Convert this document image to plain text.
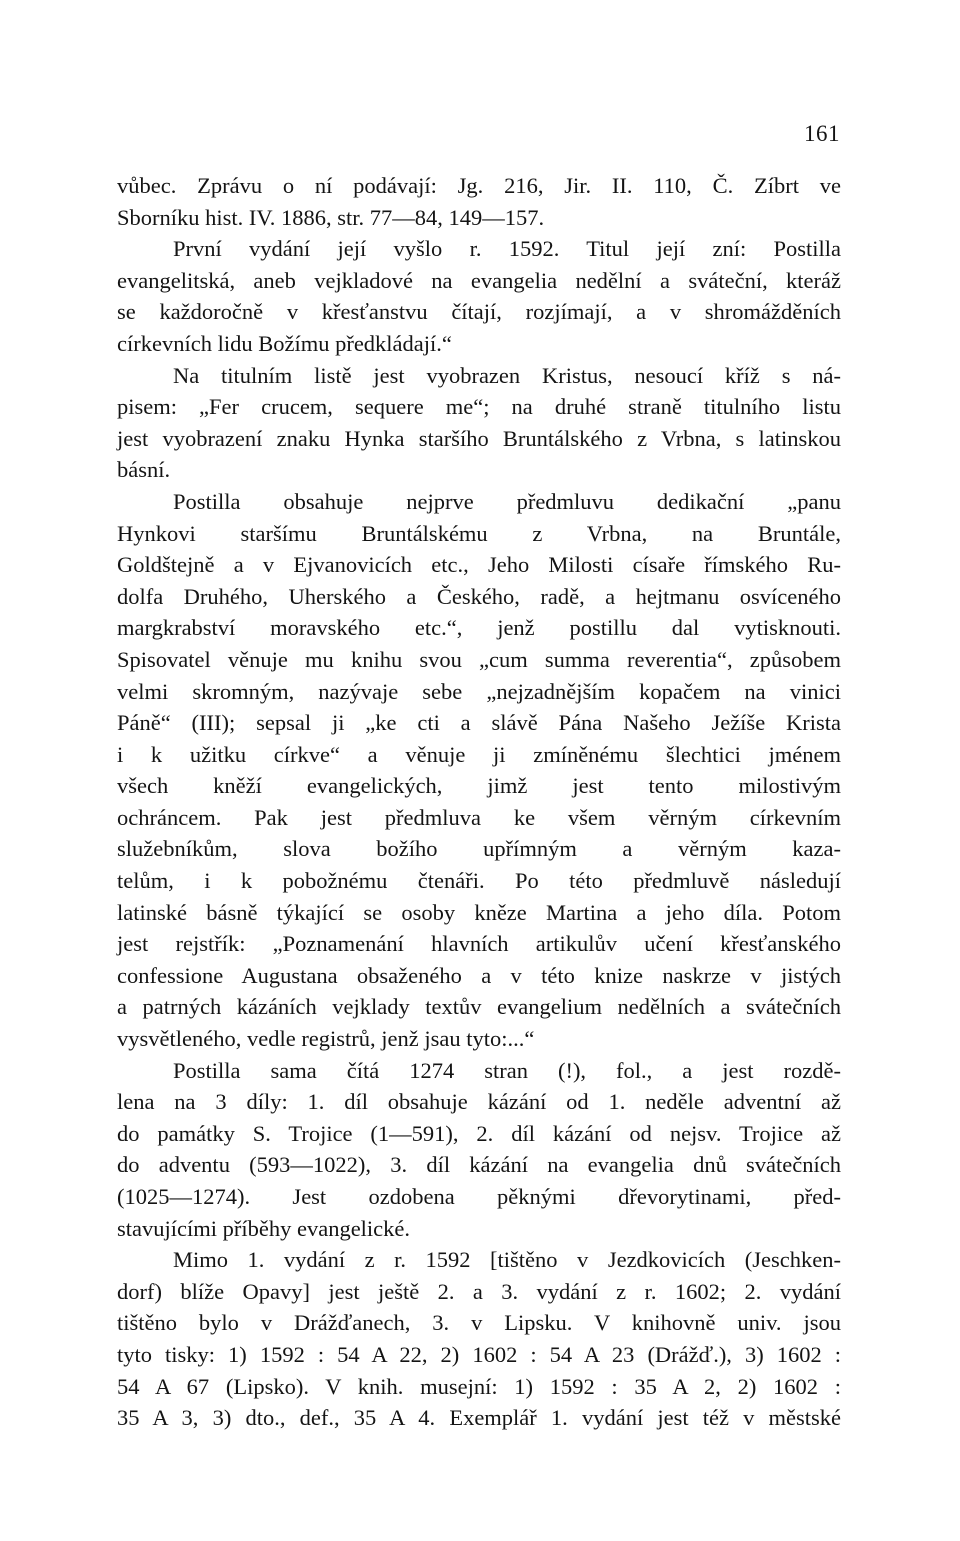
161
vůbec. Zprávu o ní podávají: Jg. 216, Jir. II. 110, Č. Zíbrt ve
Sborníku hist. IV. 1886, str. 77—84, 149—157.
První vydání její vyšlo r. 1592. Titul její zní: Postilla
evangelitská, aneb vejkladové na evangelia nedělní a sváteční, kteráž
se každoročně v křesťanstvu čítají, rozjímají, a v shromážděních
církevních lidu Božímu předkládají.“
Na titulním listě jest vyobrazen Kristus, nesoucí kříž s ná-
pisem: „Fer crucem, sequere me“; na druhé straně titulního listu
jest vyobrazení znaku Hynka staršího Bruntálského z Vrbna, s latinskou
básní.
Postilla obsahuje nejprve předmluvu dedikační „panu
Hynkovi staršímu Bruntálskému z Vrbna, na Bruntále,
Goldštejně a v Ejvanovicích etc., Jeho Milosti císaře římského Ru-
dolfa Druhého, Uherského a Českého, radě, a hejtmanu osvíceného
margkrabství moravského etc.“, jenž postillu dal vytisknouti.
Spisovatel věnuje mu knihu svou „cum summa reverentia“, způsobem
velmi skromným, nazývaje sebe „nejzadnějším kopačem na vinici
Páně“ (III); sepsal ji „ke cti a slávě Pána Našeho Ježíše Krista
i k užitku církve“ a věnuje ji zmíněnému šlechtici jménem
všech kněží evangelických, jimž jest tento milostivým
ochráncem. Pak jest předmluva ke všem věrným církevním
služebníkům, slova božího upřímným a věrným kaza-
telům, i k pobožnému čtenáři. Po této předmluvě následují
latinské básně týkající se osoby kněze Martina a jeho díla. Potom
jest rejstřík: „Poznamenání hlavních artikulův učení křesťanského
confessione Augustana obsaženého a v této knize naskrze v jistých
a patrných kázáních vejklady textův evangelium nedělních a svátečních
vysvětleného, vedle registrů, jenž jsau tyto:...“
Postilla sama čítá 1274 stran (!), fol., a jest rozdě-
lena na 3 díly: 1. díl obsahuje kázání od 1. neděle adventní až
do památky S. Trojice (1—591), 2. díl kázání od nejsv. Trojice až
do adventu (593—1022), 3. díl kázání na evangelia dnů svátečních
(1025—1274). Jest ozdobena pěknými dřevorytinami, před-
stavujícími příběhy evangelické.
Mimo 1. vydání z r. 1592 [tištěno v Jezdkovicích (Jeschken-
dorf) blíže Opavy] jest ještě 2. a 3. vydání z r. 1602; 2. vydání
tištěno bylo v Drážďanech, 3. v Lipsku. V knihovně univ. jsou
tyto tisky: 1) 1592 : 54 A 22, 2) 1602 : 54 A 23 (Drážď.), 3) 1602 :
54 A 67 (Lipsko). V knih. musejní: 1) 1592 : 35 A 2, 2) 1602 :
35 A 3, 3) dto., def., 35 A 4. Exemplář 1. vydání jest též v městské
